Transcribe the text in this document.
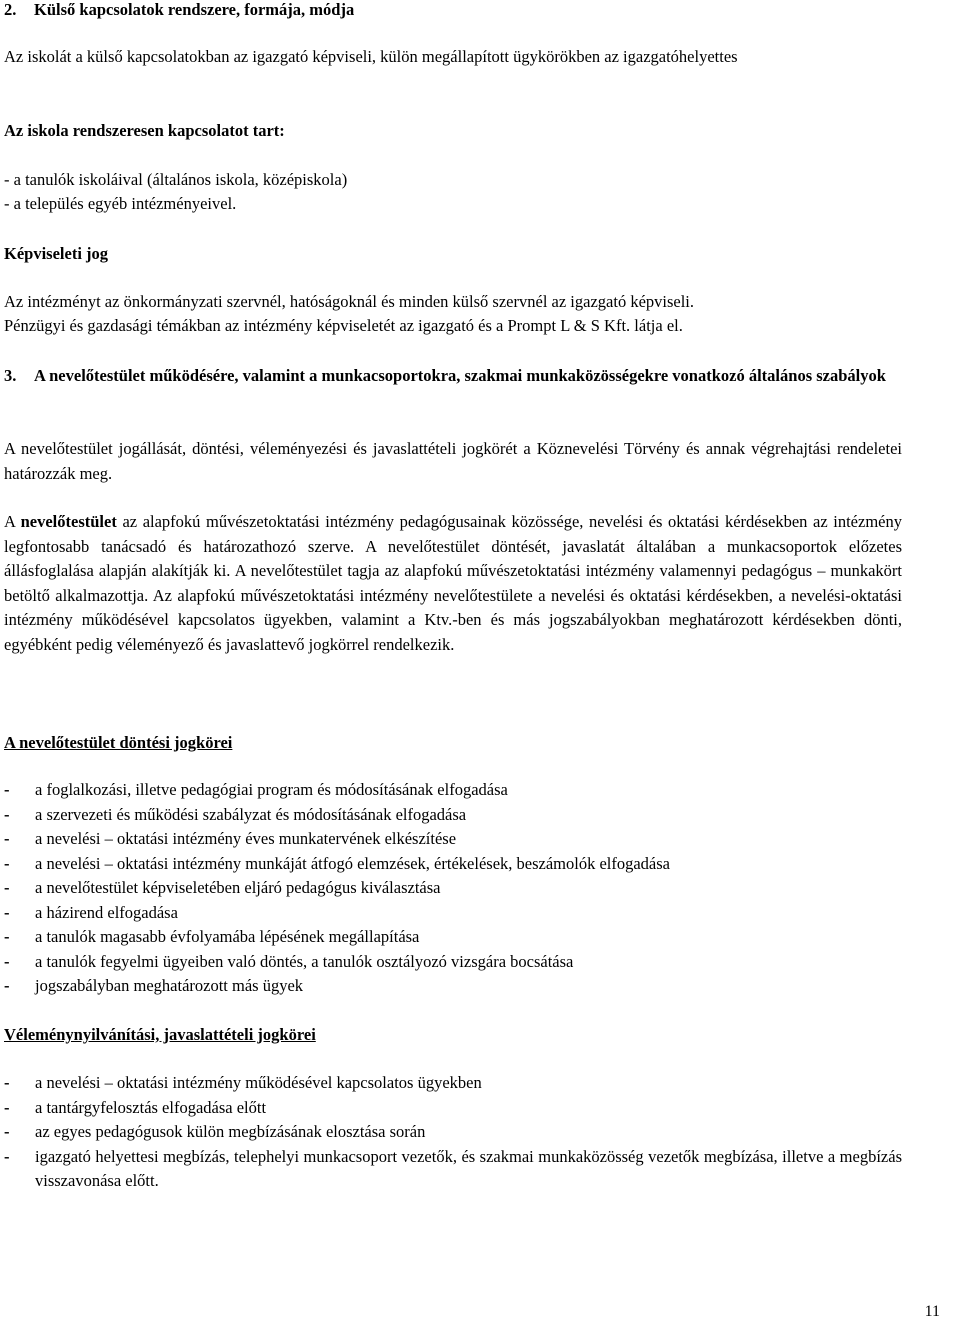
2. Külső kapcsolatok rendszere, formája, módja

Az iskolát a külső kapcsolatokban az igazgató képviseli, külön megállapított ügykörökben az igazgatóhelyettes

Az iskola rendszeresen kapcsolatot tart:

- a tanulók iskoláival (általános iskola, középiskola)

- a település egyéb intézményeivel.

Képviseleti jog

Az intézményt az önkormányzati szervnél, hatóságoknál és minden külső szervnél az igazgató képviseli.

Pénzügyi és gazdasági témákban az intézmény képviseletét az igazgató és a Prompt L & S Kft. látja el.

3. A nevelőtestület működésére, valamint a munkacsoportokra, szakmai munkaközösségekre vonatkozó általános szabályok

A nevelőtestület jogállását, döntési, véleményezési és javaslattételi jogkörét a Köznevelési Törvény és annak végrehajtási rendeletei határozzák meg.

A nevelőtestület az alapfokú művészetoktatási intézmény pedagógusainak közössége, nevelési és oktatási kérdésekben az intézmény legfontosabb tanácsadó és határozathozó szerve. A nevelőtestület döntését, javaslatát általában a munkacsoportok előzetes állásfoglalása alapján alakítják ki. A nevelőtestület tagja az alapfokú művészetoktatási intézmény valamennyi pedagógus – munkakört betöltő alkalmazottja. Az alapfokú művészetoktatási intézmény nevelőtestülete a nevelési és oktatási kérdésekben, a nevelési-oktatási intézmény működésével kapcsolatos ügyekben, valamint a Ktv.-ben és más jogszabályokban meghatározott kérdésekben dönti, egyébként pedig véleményező és javaslattevő jogkörrel rendelkezik.

A nevelőtestület döntési jogkörei

- a foglalkozási, illetve pedagógiai program és módosításának elfogadása
- a szervezeti és működési szabályzat és módosításának elfogadása
- a nevelési – oktatási intézmény éves munkatervének elkészítése
- a nevelési – oktatási intézmény munkáját átfogó elemzések, értékelések, beszámolók elfogadása
- a nevelőtestület képviseletében eljáró pedagógus kiválasztása
- a házirend elfogadása
- a tanulók magasabb évfolyamába lépésének megállapítása
- a tanulók fegyelmi ügyeiben való döntés, a tanulók osztályozó vizsgára bocsátása
- jogszabályban meghatározott más ügyek

Véleménynyilvánítási, javaslattételi jogkörei

- a nevelési – oktatási intézmény működésével kapcsolatos ügyekben
- a tantárgyfelosztás elfogadása előtt
- az egyes pedagógusok külön megbízásának elosztása során
- igazgató helyettesi megbízás, telephelyi munkacsoport vezetők, és szakmai munkaközösség vezetők megbízása, illetve a megbízás visszavonása előtt.
11
